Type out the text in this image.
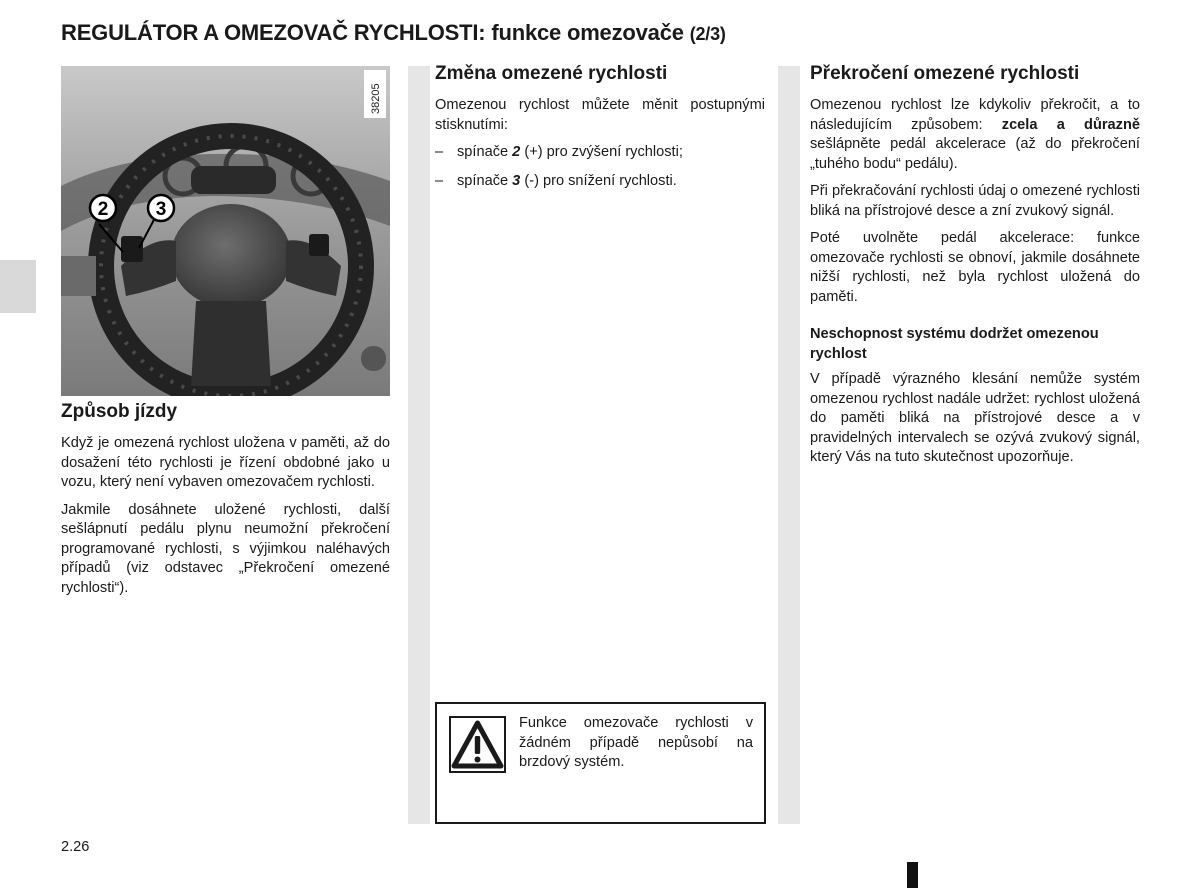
REGULÁTOR A OMEZOVAČ RYCHLOSTI: funkce omezovače (2/3)
2 3
38205
Způsob jízdy

Když je omezená rychlost uložena v paměti, až do dosažení této rychlosti je řízení obdobné jako u vozu, který není vybaven omezovačem rychlosti.

Jakmile dosáhnete uložené rychlosti, další sešlápnutí pedálu plynu neumožní překročení programované rychlosti, s výjimkou naléhavých případů (viz odstavec „Překročení omezené rychlosti“).

Změna omezené rychlosti

Omezenou rychlost můžete měnit postupnými stisknutími:

– spínače 2 (+) pro zvýšení rychlosti;
– spínače 3 (-) pro snížení rychlosti.

Funkce omezovače rychlosti v žádném případě nepůsobí na brzdový systém.

Překročení omezené rychlosti

Omezenou rychlost lze kdykoliv překročit, a to následujícím způsobem: zcela a důrazně sešlápněte pedál akcelerace (až do překročení „tuhého bodu“ pedálu).

Při překračování rychlosti údaj o omezené rychlosti bliká na přístrojové desce a zní zvukový signál.

Poté uvolněte pedál akcelerace: funkce omezovače rychlosti se obnoví, jakmile dosáhnete nižší rychlosti, než byla rychlost uložená do paměti.

Neschopnost systému dodržet omezenou rychlost

V případě výrazného klesání nemůže systém omezenou rychlost nadále udržet: rychlost uložená do paměti bliká na přístrojové desce a v pravidelných intervalech se ozývá zvukový signál, který Vás na tuto skutečnost upozorňuje.

2.26
